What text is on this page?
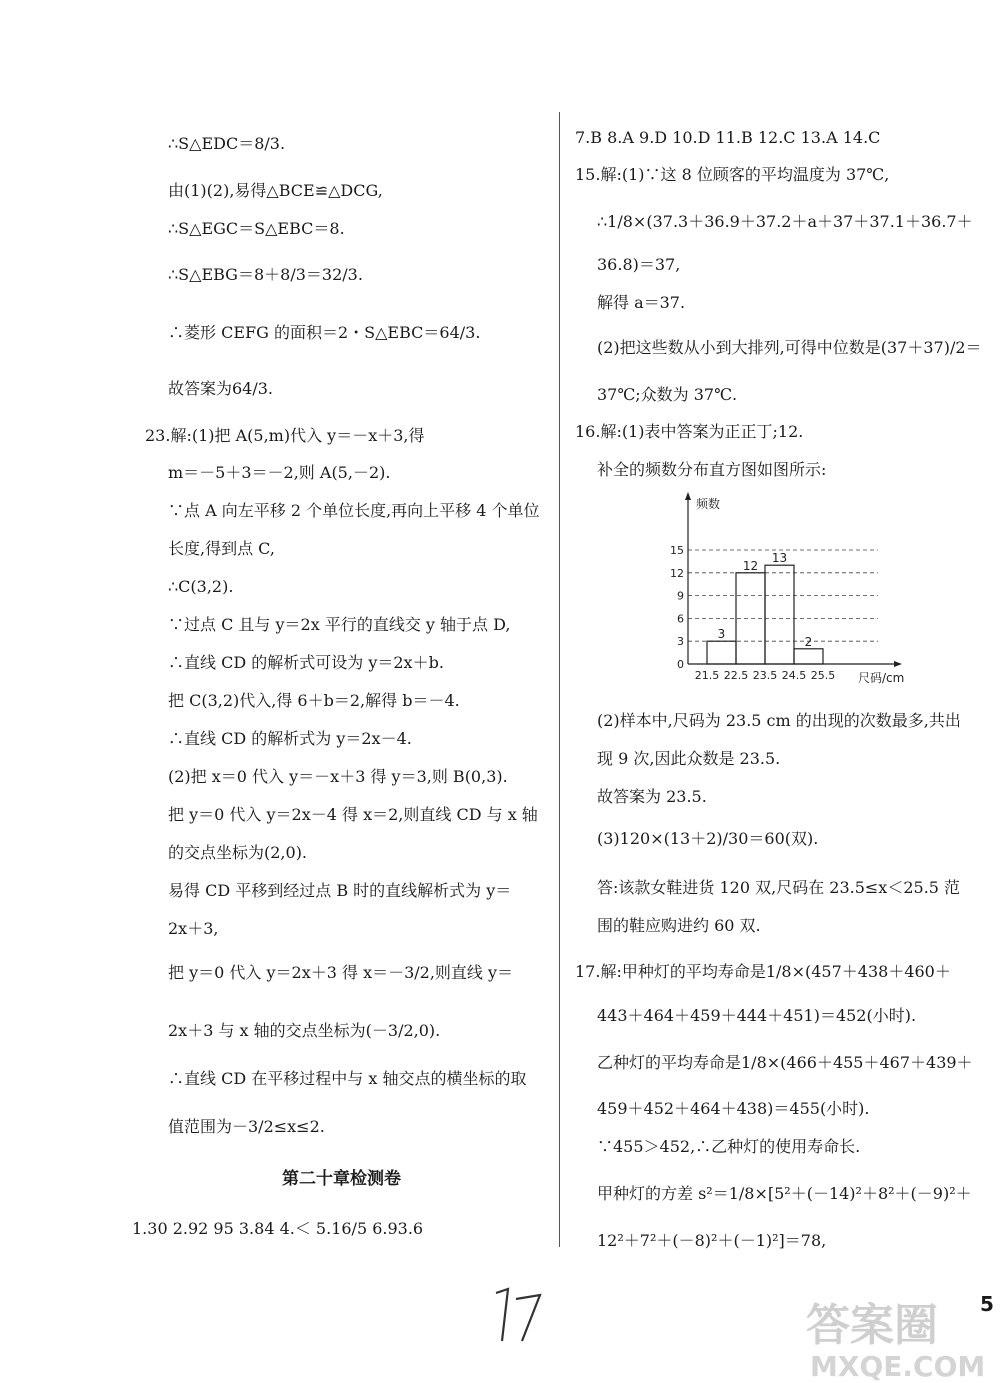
∴S△EDC＝8/3.
由(1)(2),易得△BCE≌△DCG,
∴S△EGC＝S△EBC＝8.
∴S△EBG＝8＋8/3＝32/3.
∴菱形 CEFG 的面积＝2・S△EBC＝64/3.
故答案为64/3.
23.解:(1)把 A(5,m)代入 y＝－x＋3,得
m＝－5＋3＝－2,则 A(5,－2).
∵点 A 向左平移 2 个单位长度,再向上平移 4 个单位
长度,得到点 C,
∴C(3,2).
∵过点 C 且与 y＝2x 平行的直线交 y 轴于点 D,
∴直线 CD 的解析式可设为 y＝2x＋b.
把 C(3,2)代入,得 6＋b＝2,解得 b＝－4.
∴直线 CD 的解析式为 y＝2x－4.
(2)把 x＝0 代入 y＝－x＋3 得 y＝3,则 B(0,3).
把 y＝0 代入 y＝2x－4 得 x＝2,则直线 CD 与 x 轴
的交点坐标为(2,0).
易得 CD 平移到经过点 B 时的直线解析式为 y＝
2x＋3,
把 y＝0 代入 y＝2x＋3 得 x＝－3/2,则直线 y＝
2x＋3 与 x 轴的交点坐标为(－3/2,0).
∴直线 CD 在平移过程中与 x 轴交点的横坐标的取
值范围为－3/2≤x≤2.
第二十章检测卷
1.30 2.92 95 3.84 4.＜ 5.16/5 6.93.6
7.B 8.A 9.D 10.D 11.B 12.C 13.A 14.C
15.解:(1)∵这 8 位顾客的平均温度为 37℃,
∴1/8×(37.3＋36.9＋37.2＋a＋37＋37.1＋36.7＋
36.8)＝37,
解得 a＝37.
(2)把这些数从小到大排列,可得中位数是(37＋37)/2＝
37℃;众数为 37℃.
16.解:(1)表中答案为正正丁;12.
补全的频数分布直方图如图所示:
15
12
9
6
3
0
频数
3
12
13
2
21.5 22.5 23.5 24.5 25.5 尺码/cm
(2)样本中,尺码为 23.5 cm 的出现的次数最多,共出
现 9 次,因此众数是 23.5.
故答案为 23.5.
(3)120×(13＋2)/30＝60(双).
答:该款女鞋进货 120 双,尺码在 23.5≤x＜25.5 范
围的鞋应购进约 60 双.
17.解:甲种灯的平均寿命是1/8×(457＋438＋460＋
443＋464＋459＋444＋451)＝452(小时).
乙种灯的平均寿命是1/8×(466＋455＋467＋439＋
459＋452＋464＋438)＝455(小时).
∵455＞452,∴乙种灯的使用寿命长.
甲种灯的方差 s²＝1/8×[5²＋(－14)²＋8²＋(－9)²＋
12²＋7²＋(－8)²＋(－1)²]＝78,
5
答案圈
MXQE.COM
